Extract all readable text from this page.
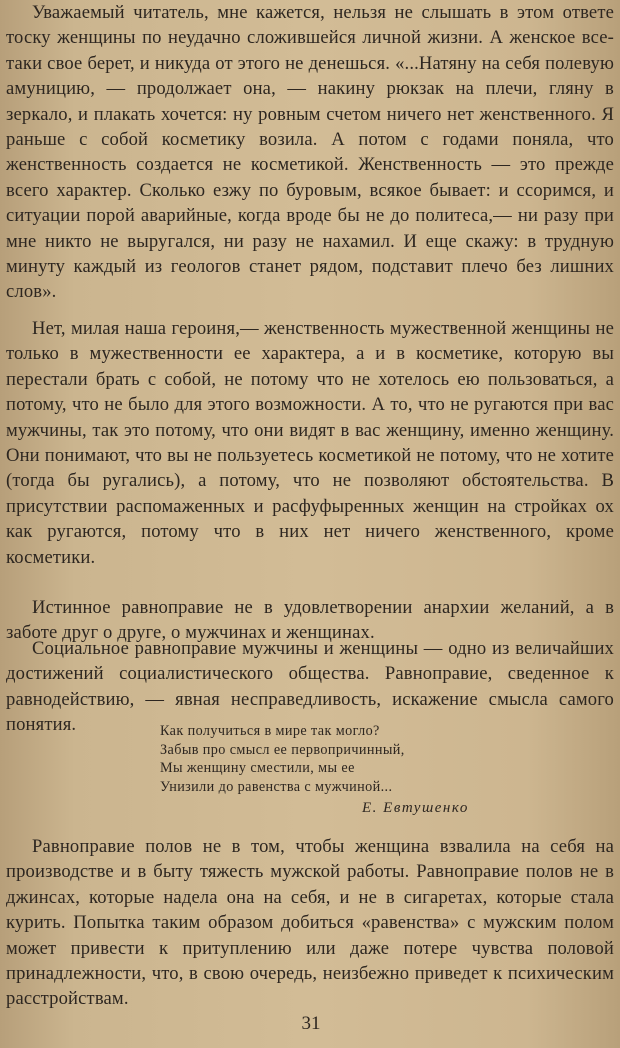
Уважаемый читатель, мне кажется, нельзя не слышать в этом ответе тоску женщины по неудачно сложившейся личной жизни. А женское все-таки свое берет, и никуда от этого не денешься. «...Натяну на себя полевую амуницию, — продолжает она, — накину рюкзак на плечи, гляну в зеркало, и плакать хочется: ну ровным счетом ничего нет женственного. Я раньше с собой косметику возила. А потом с годами поняла, что женственность создается не косметикой. Женственность — это прежде всего характер. Сколько езжу по буровым, всякое бывает: и ссоримся, и ситуации порой аварийные, когда вроде бы не до политеса,— ни разу при мне никто не выругался, ни разу не нахамил. И еще скажу: в трудную минуту каждый из геологов станет рядом, подставит плечо без лишних слов».

Нет, милая наша героиня,— женственность мужественной женщины не только в мужественности ее характера, а и в косметике, которую вы перестали брать с собой, не потому что не хотелось ею пользоваться, а потому, что не было для этого возможности. А то, что не ругаются при вас мужчины, так это потому, что они видят в вас женщину, именно женщину. Они понимают, что вы не пользуетесь косметикой не потому, что не хотите (тогда бы ругались), а потому, что не позволяют обстоятельства. В присутствии распомаженных и расфуфыренных женщин на стройках ох как ругаются, потому что в них нет ничего женственного, кроме косметики.

Истинное равноправие не в удовлетворении анархии желаний, а в заботе друг о друге, о мужчинах и женщинах.

Социальное равноправие мужчины и женщины — одно из величайших достижений социалистического общества. Равноправие, сведенное к равнодействию, — явная несправедливость, искажение смысла самого понятия.	Как получиться в мире так могло?
Забыв про смысл ее первопричинный,
Мы женщину сместили, мы ее
Унизили до равенства с мужчиной...
Е. Евтушенко

Равноправие полов не в том, чтобы женщина взвалила на себя на производстве и в быту тяжесть мужской работы. Равноправие полов не в джинсах, которые надела она на себя, и не в сигаретах, которые стала курить. Попытка таким образом добиться «равенства» с мужским полом может привести к притуплению или даже потере чувства половой принадлежности, что, в свою очередь, неизбежно приведет к психическим расстройствам.

31
